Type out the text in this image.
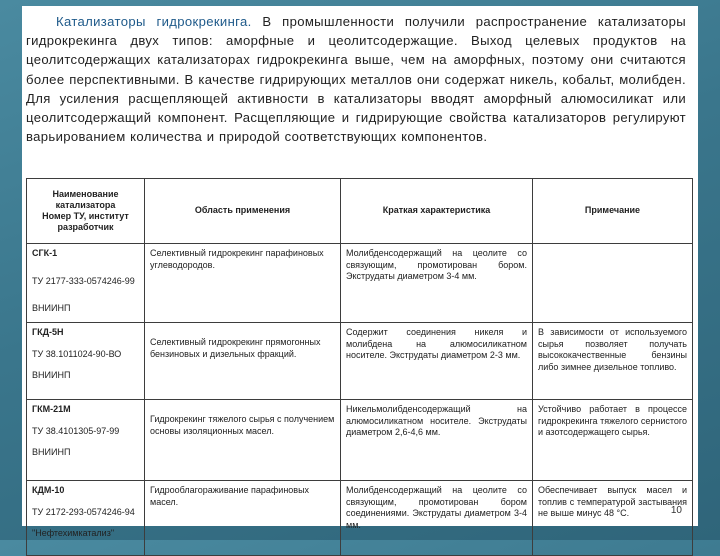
Катализаторы гидрокрекинга. В промышленности получили распространение катализаторы гидрокрекинга двух типов: аморфные и цеолитсодержащие. Выход целевых продуктов на цеолитсодержащих катализаторах гидрокрекинга выше, чем на аморфных, поэтому они считаются более перспективными. В качестве гидрирующих металлов они содержат никель, кобальт, молибден. Для усиления расщепляющей активности в катализаторы вводят аморфный алюмосиликат или цеолитсодержащий компонент. Расщепляющие и гидрирующие свойства катализаторов регулируют варьированием количества и природой соответствующих компонентов.

Наименование катализатора
Номер ТУ, институт разработчик	Область применения	Краткая характеристика	Примечание

СГК-1
ТУ 2177-333-0574246-99
ВНИИНП	Селективный гидрокрекинг парафиновых углеводородов.	Молибденсодержащий на цеолите со связующим, промотирован бором. Экструдаты диаметром 3-4 мм.	

ГКД-5Н
ТУ 38.1011024-90-ВО
ВНИИНП	Селективный гидрокрекинг прямогонных бензиновых и дизельных фракций.	Содержит соединения никеля и молибдена на алюмосиликатном носителе. Экструдаты диаметром 2-3 мм.	В зависимости от используемого сырья позволяет получать высококачественные бензины либо зимнее дизельное топливо.

ГКМ-21М
ТУ 38.4101305-97-99
ВНИИНП	Гидрокрекинг тяжелого сырья с получением основы изоляционных масел.	Никельмолибденсодержащий на алюмосиликатном носителе. Экструдаты диаметром 2,6-4,6 мм.	Устойчиво работает в процессе гидрокрекинга тяжелого сернистого и азотсодержащего сырья.

КДМ-10
ТУ 2172-293-0574246-94
"Нефтехимкатализ"	Гидрооблагораживание парафиновых масел.	Молибденсодержащий на цеолите со связующим, промотирован бором соединениями. Экструдаты диаметром 3-4 мм.	Обеспечивает выпуск масел и топлив с температурой застывания не выше минус 48 °С.	10
